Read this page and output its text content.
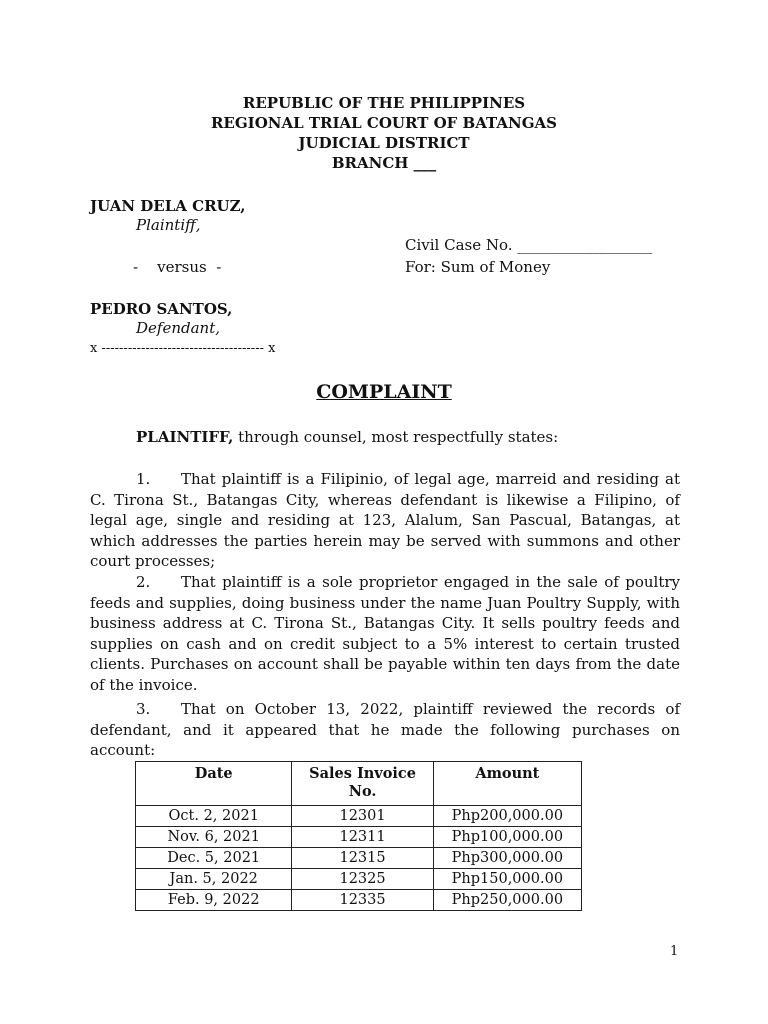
REPUBLIC OF THE PHILIPPINES
REGIONAL TRIAL COURT OF BATANGAS
JUDICIAL DISTRICT
BRANCH ___
JUAN DELA CRUZ,
Plaintiff,
Civil Case No. __________________
-    versus  -	For: Sum of Money
PEDRO SANTOS,
Defendant,
x ------------------------------------- x
COMPLAINT
PLAINTIFF, through counsel, most respectfully states:
1. That plaintiff is a Filipinio, of legal age, marreid and residing at C. Tirona St., Batangas City, whereas defendant is likewise a Filipino, of legal age, single and residing at 123, Alalum, San Pascual, Batangas, at which addresses the parties herein may be served with summons and other court processes;
2. That plaintiff is a sole proprietor engaged in the sale of poultry feeds and supplies, doing business under the name Juan Poultry Supply, with business address at C. Tirona St., Batangas City. It sells poultry feeds and supplies on cash and on credit subject to a 5% interest to certain trusted clients. Purchases on account shall be payable within ten days from the date of the invoice.
3. That on October 13, 2022, plaintiff reviewed the records of defendant, and it appeared that he made the following purchases on account:
Date	Sales Invoice No.	Amount
Oct. 2, 2021	12301	Php200,000.00
Nov. 6, 2021	12311	Php100,000.00
Dec. 5, 2021	12315	Php300,000.00
Jan. 5, 2022	12325	Php150,000.00
Feb. 9, 2022	12335	Php250,000.00
1
